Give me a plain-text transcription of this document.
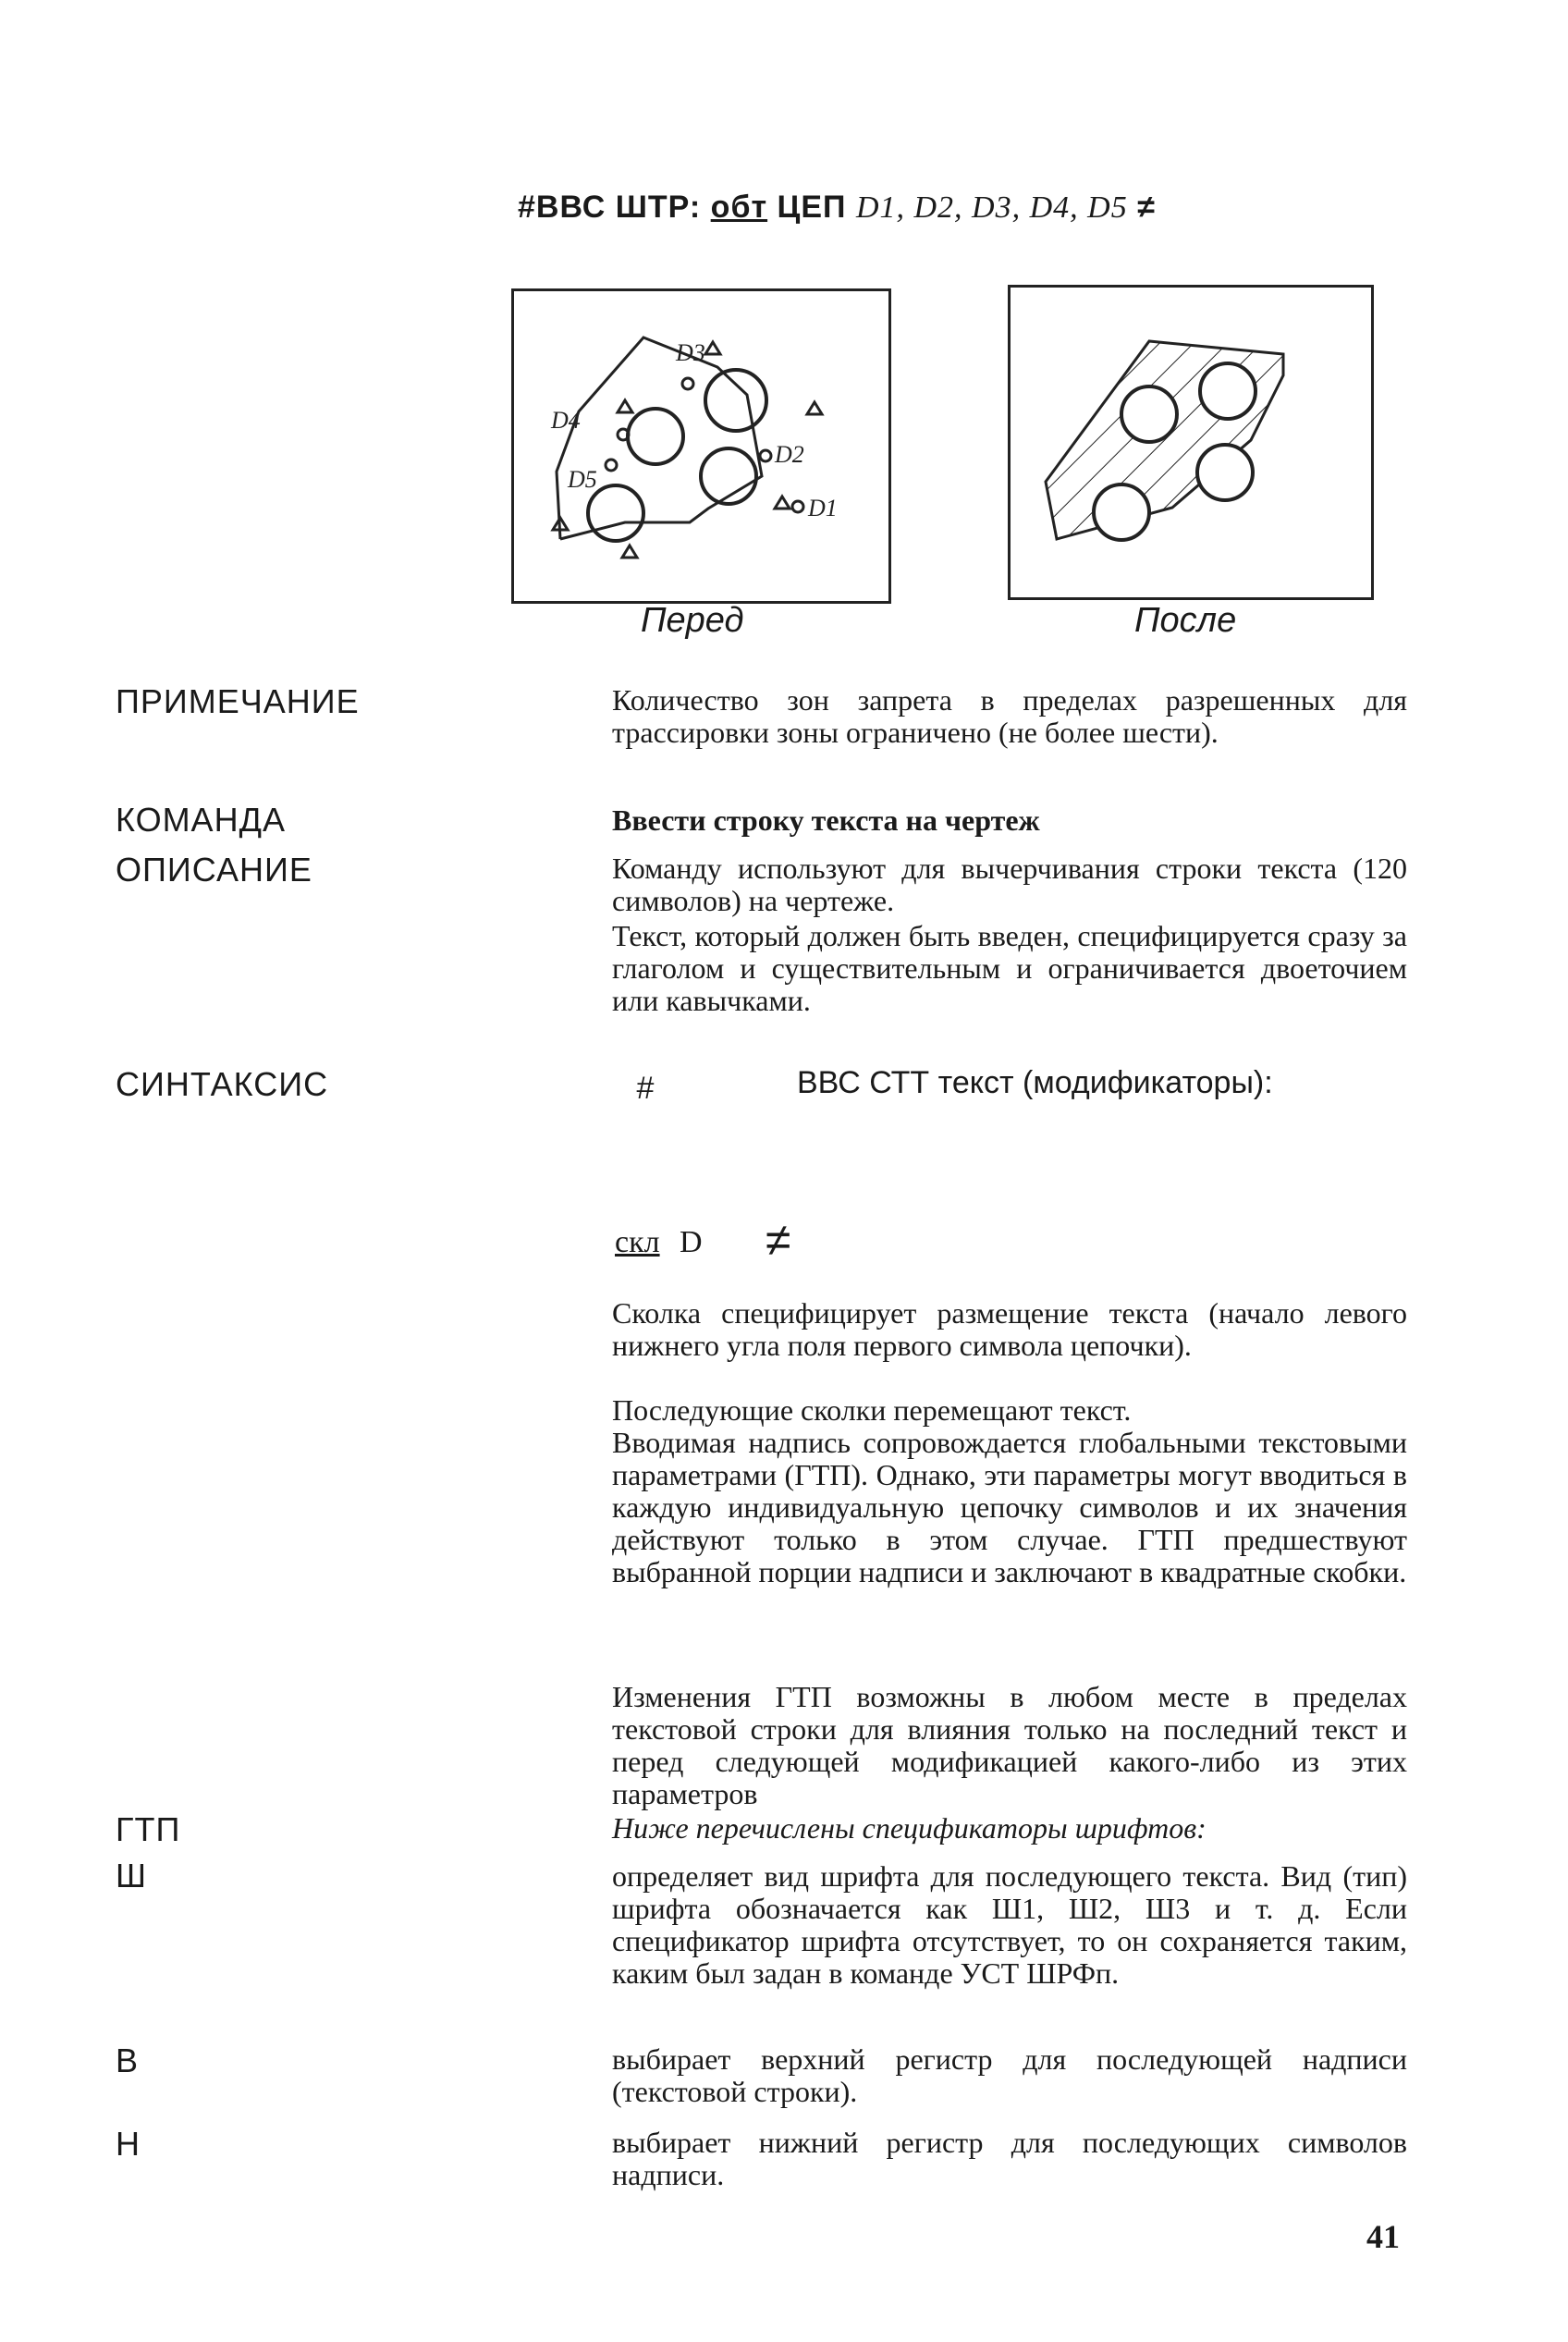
#ВВС ШТР: обт ЦЕП D1, D2, D3, D4, D5 ≠
D3
D4
D5
D2
D1
Перед	После
ПРИМЕЧАНИЕ	Количество зон запрета в пределах разрешенных для трассировки зоны ограничено (не более шести).
КОМАНДА	Ввести строку текста на чертеж
ОПИСАНИЕ	Команду используют для вычерчивания строки текста (120 символов) на чертеже.
Текст, который должен быть введен, специфицируется сразу за глаголом и существительным и ограничивается двоеточием или кавычками.
СИНТАКСИС	#	ВВС СТТ текст (модификаторы):
скл D ≠
Сколка специфицирует размещение текста (начало левого нижнего угла поля первого символа цепочки).
Последующие сколки перемещают текст.
Вводимая надпись сопровождается глобальными текстовыми параметрами (ГТП). Однако, эти параметры могут вводиться в каждую индивидуальную цепочку символов и их значения действуют только в этом случае. ГТП предшествуют выбранной порции надписи и заключают в квадратные скобки.
Изменения ГТП возможны в любом месте в пределах текстовой строки для влияния только на последний текст и перед следующей модификацией какого-либо из этих параметров
ГТП	Ниже перечислены спецификаторы шрифтов:
Ш	определяет вид шрифта для последующего текста. Вид (тип) шрифта обозначается как Ш1, Ш2, Ш3 и т. д. Если спецификатор шрифта отсутствует, то он сохраняется таким, каким был задан в команде УСТ ШРФп.
В	выбирает верхний регистр для последующей надписи (текстовой строки).
Н	выбирает нижний регистр для последующих символов надписи.
41
